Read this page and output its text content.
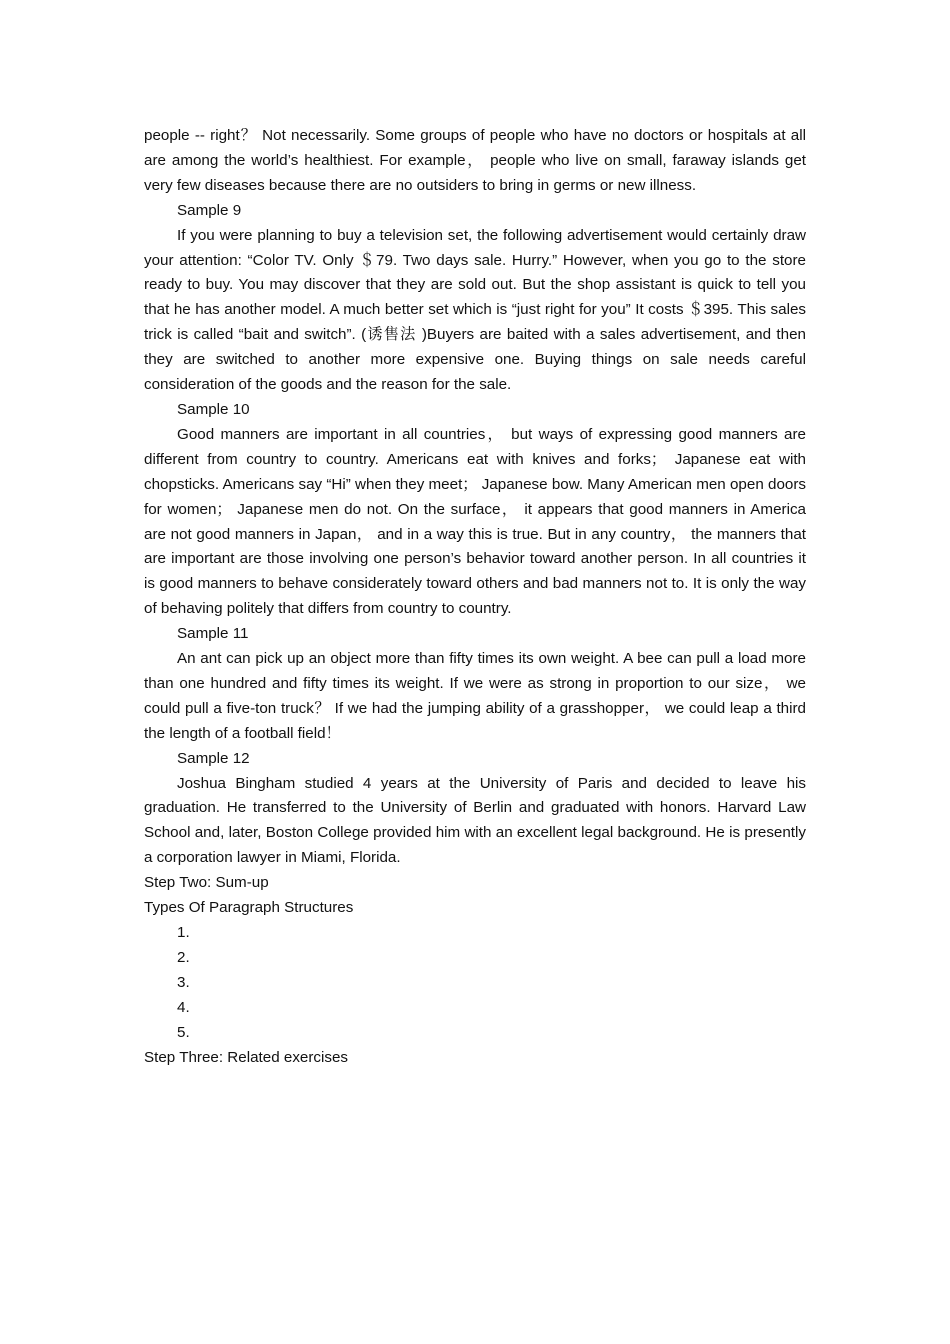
people -- right？ Not necessarily. Some groups of people who have no doctors or hospitals at all are among the world’s healthiest. For example， people who live on small, faraway islands get very few diseases because there are no outsiders to bring in germs or new illness.

Sample 9

If you were planning to buy a television set, the following advertisement would certainly draw your attention: “Color TV. Only ＄79. Two days sale. Hurry.” However, when you go to the store ready to buy. You may discover that they are sold out. But the shop assistant is quick to tell you that he has another model. A much better set which is “just right for you” It costs ＄395. This sales trick is called “bait and switch”. (诱售法 )Buyers are baited with a sales advertisement, and then they are switched to another more expensive one. Buying things on sale needs careful consideration of the goods and the reason for the sale.

Sample 10

Good manners are important in all countries， but ways of expressing good manners are different from country to country. Americans eat with knives and forks； Japanese eat with chopsticks. Americans say “Hi” when they meet； Japanese bow. Many American men open doors for women； Japanese men do not. On the surface， it appears that good manners in America are not good manners in Japan， and in a way this is true. But in any country， the manners that are important are those involving one person’s behavior toward another person. In all countries it is good manners to behave considerately toward others and bad manners not to. It is only the way of behaving politely that differs from country to country.

Sample 11

An ant can pick up an object more than fifty times its own weight. A bee can pull a load more than one hundred and fifty times its weight. If we were as strong in proportion to our size， we could pull a five-ton truck？ If we had the jumping ability of a grasshopper， we could leap a third the length of a football field！

Sample 12

Joshua Bingham studied 4 years at the University of Paris and decided to leave his graduation. He transferred to the University of Berlin and graduated with honors. Harvard Law School and, later, Boston College provided him with an excellent legal background. He is presently a corporation lawyer in Miami, Florida.

Step Two: Sum-up

Types Of Paragraph Structures

1.

2.

3.

4.

5.

Step Three: Related exercises
